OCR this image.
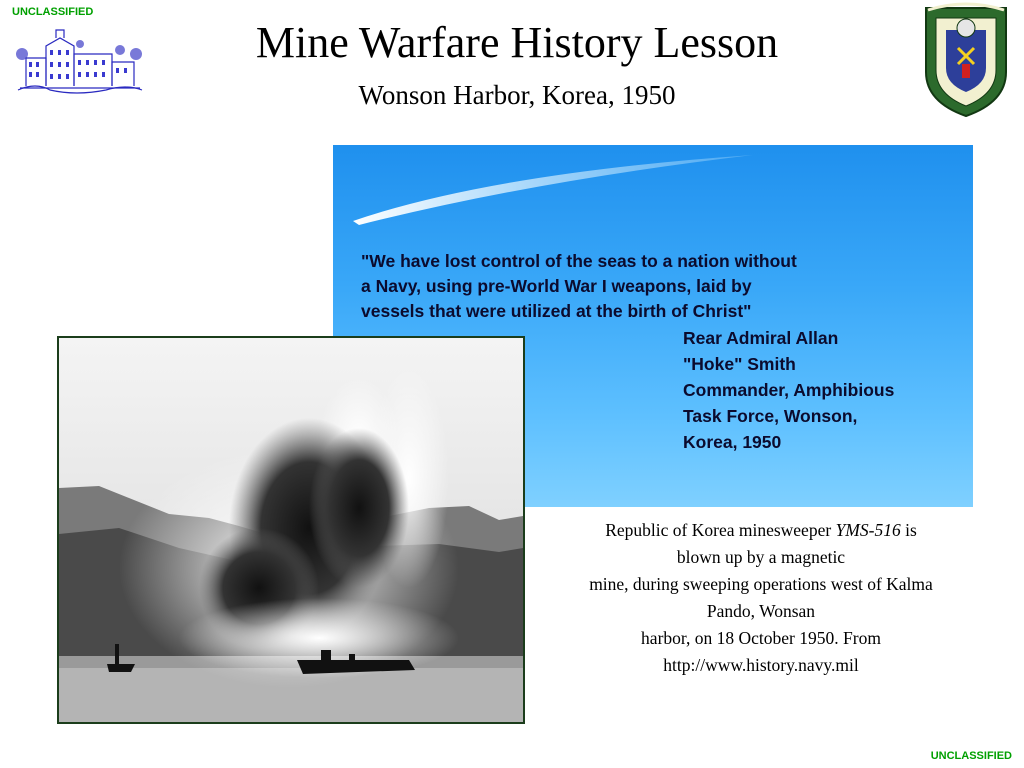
UNCLASSIFIED
Mine Warfare History Lesson
Wonson Harbor, Korea, 1950
"We have lost control of the seas to a nation without
a Navy, using pre-World War I weapons, laid by
vessels that were utilized at the birth of Christ"
Rear Admiral Allan
"Hoke" Smith
Commander, Amphibious
Task Force, Wonson,
Korea, 1950
Republic of Korea minesweeper YMS-516 is
blown up by a magnetic
mine, during sweeping operations west of Kalma
Pando, Wonsan
harbor, on 18 October 1950. From
http://www.history.navy.mil
UNCLASSIFIED
